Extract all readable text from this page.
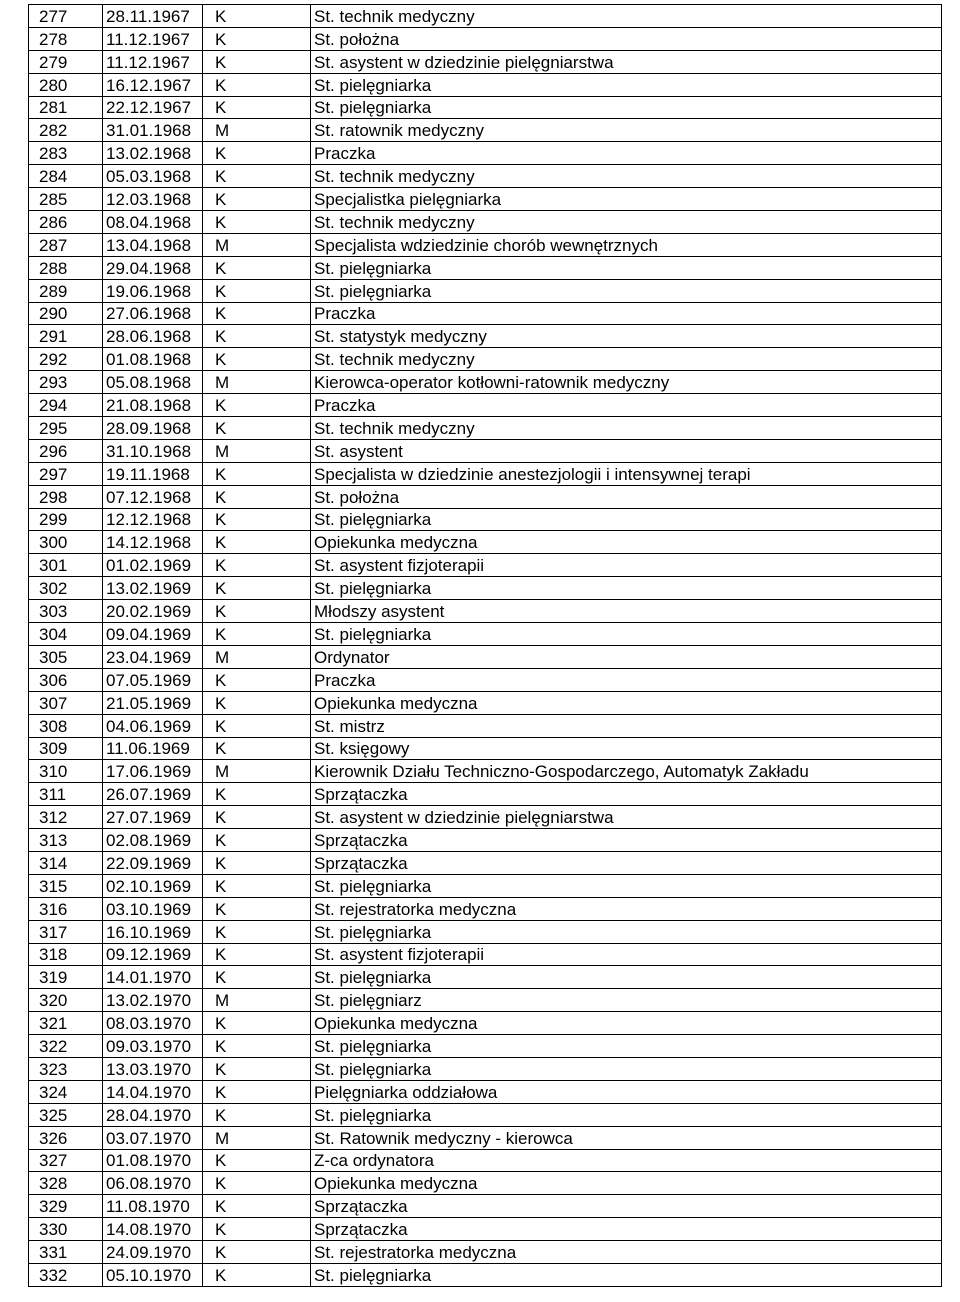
277	28.11.1967	K	St. technik medyczny
278	11.12.1967	K	St. położna
279	11.12.1967	K	St. asystent w dziedzinie pielęgniarstwa
280	16.12.1967	K	St. pielęgniarka
281	22.12.1967	K	St. pielęgniarka
282	31.01.1968	M	St. ratownik medyczny
283	13.02.1968	K	Praczka
284	05.03.1968	K	St. technik medyczny
285	12.03.1968	K	Specjalistka pielęgniarka
286	08.04.1968	K	St. technik medyczny
287	13.04.1968	M	Specjalista wdziedzinie chorób wewnętrznych
288	29.04.1968	K	St. pielęgniarka
289	19.06.1968	K	St. pielęgniarka
290	27.06.1968	K	Praczka
291	28.06.1968	K	St. statystyk medyczny
292	01.08.1968	K	St. technik medyczny
293	05.08.1968	M	Kierowca-operator kotłowni-ratownik medyczny
294	21.08.1968	K	Praczka
295	28.09.1968	K	St. technik medyczny
296	31.10.1968	M	St. asystent
297	19.11.1968	K	Specjalista w dziedzinie anestezjologii i intensywnej terapi
298	07.12.1968	K	St. położna
299	12.12.1968	K	St. pielęgniarka
300	14.12.1968	K	Opiekunka medyczna
301	01.02.1969	K	St. asystent fizjoterapii
302	13.02.1969	K	St. pielęgniarka
303	20.02.1969	K	Młodszy asystent
304	09.04.1969	K	St. pielęgniarka
305	23.04.1969	M	Ordynator
306	07.05.1969	K	Praczka
307	21.05.1969	K	Opiekunka medyczna
308	04.06.1969	K	St. mistrz
309	11.06.1969	K	St. księgowy
310	17.06.1969	M	Kierownik Działu Techniczno-Gospodarczego, Automatyk Zakładu
311	26.07.1969	K	Sprzątaczka
312	27.07.1969	K	St. asystent w dziedzinie pielęgniarstwa
313	02.08.1969	K	Sprzątaczka
314	22.09.1969	K	Sprzątaczka
315	02.10.1969	K	St. pielęgniarka
316	03.10.1969	K	St. rejestratorka medyczna
317	16.10.1969	K	St. pielęgniarka
318	09.12.1969	K	St. asystent fizjoterapii
319	14.01.1970	K	St. pielęgniarka
320	13.02.1970	M	St. pielęgniarz
321	08.03.1970	K	Opiekunka medyczna
322	09.03.1970	K	St. pielęgniarka
323	13.03.1970	K	St. pielęgniarka
324	14.04.1970	K	Pielęgniarka oddziałowa
325	28.04.1970	K	St. pielęgniarka
326	03.07.1970	M	St. Ratownik medyczny - kierowca
327	01.08.1970	K	Z-ca ordynatora
328	06.08.1970	K	Opiekunka medyczna
329	11.08.1970	K	Sprzątaczka
330	14.08.1970	K	Sprzątaczka
331	24.09.1970	K	St. rejestratorka medyczna
332	05.10.1970	K	St. pielęgniarka
